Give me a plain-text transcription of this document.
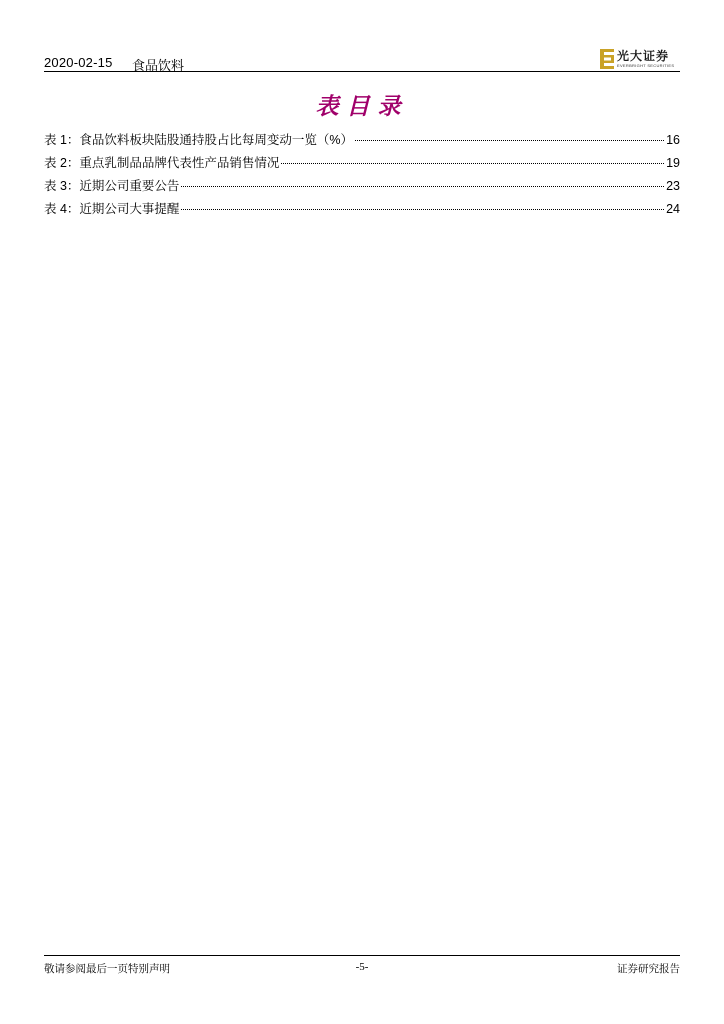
2020-02-15 食品饮料
光大证券
EVERBRIGHT SECURITIES
表目录
表 1：食品饮料板块陆股通持股占比每周变动一览（%）	16
表 2：重点乳制品品牌代表性产品销售情况	19
表 3：近期公司重要公告	23
表 4：近期公司大事提醒	24
敬请参阅最后一页特别声明	-5-	证券研究报告
